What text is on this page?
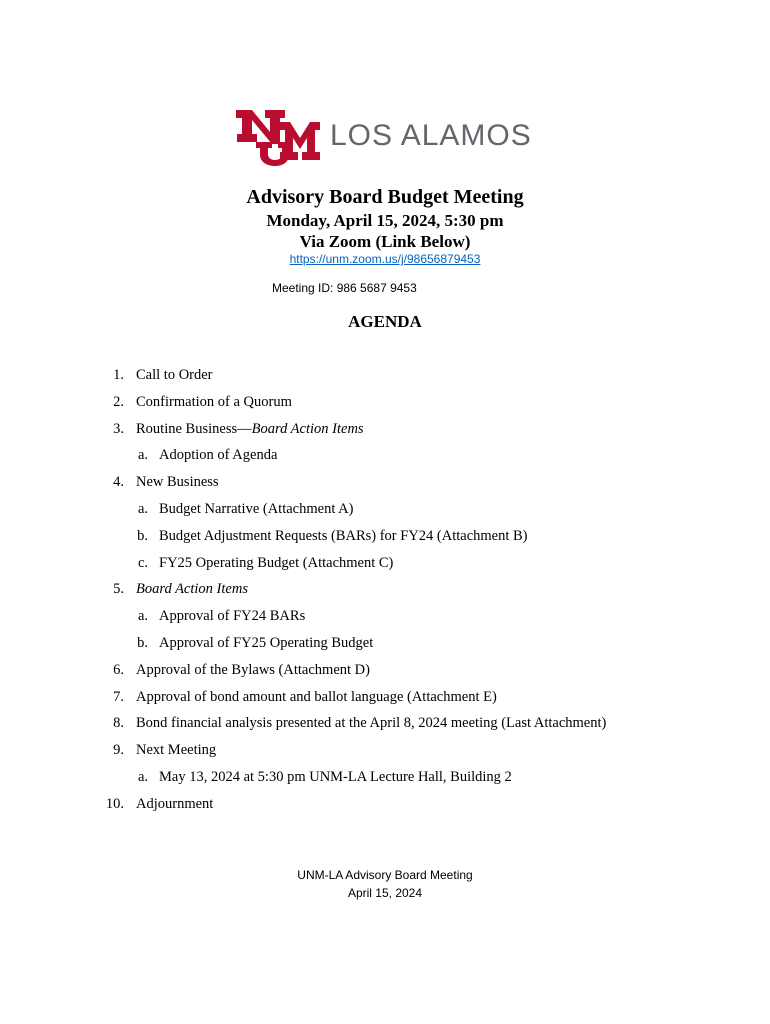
LOS ALAMOS
Advisory Board Budget Meeting
Monday, April 15, 2024, 5:30 pm
Via Zoom (Link Below)
https://unm.zoom.us/j/98656879453
Meeting ID: 986 5687 9453
AGENDA
1. Call to Order
2. Confirmation of a Quorum
3. Routine Business—Board Action Items
a. Adoption of Agenda
4. New Business
a. Budget Narrative (Attachment A)
b. Budget Adjustment Requests (BARs) for FY24 (Attachment B)
c. FY25 Operating Budget (Attachment C)
5. Board Action Items
a. Approval of FY24 BARs
b. Approval of FY25 Operating Budget
6. Approval of the Bylaws (Attachment D)
7. Approval of bond amount and ballot language (Attachment E)
8. Bond financial analysis presented at the April 8, 2024 meeting (Last Attachment)
9. Next Meeting
a. May 13, 2024 at 5:30 pm UNM-LA Lecture Hall, Building 2
10. Adjournment
UNM-LA Advisory Board Meeting
April 15, 2024
